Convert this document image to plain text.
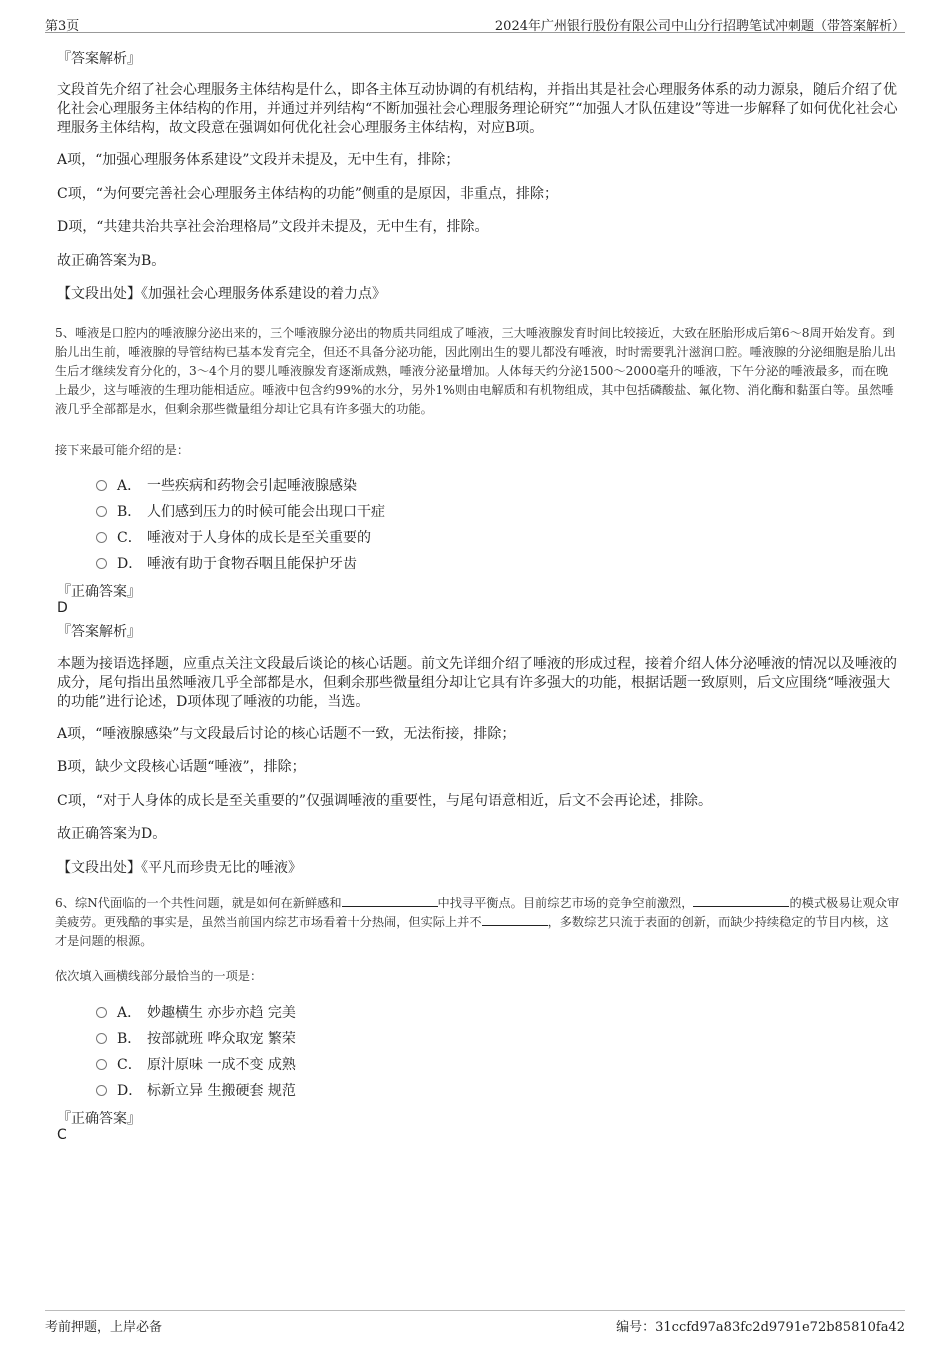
第3页	2024年广州银行股份有限公司中山分行招聘笔试冲刺题（带答案解析）
『答案解析』
文段首先介绍了社会心理服务主体结构是什么，即各主体互动协调的有机结构，并指出其是社会心理服务体系的动力源泉，随后介绍了优化社会心理服务主体结构的作用，并通过并列结构“不断加强社会心理服务理论研究”“加强人才队伍建设”等进一步解释了如何优化社会心理服务主体结构，故文段意在强调如何优化社会心理服务主体结构，对应B项。
A项，“加强心理服务体系建设”文段并未提及，无中生有，排除；
C项，“为何要完善社会心理服务主体结构的功能”侧重的是原因，非重点，排除；
D项，“共建共治共享社会治理格局”文段并未提及，无中生有，排除。
故正确答案为B。
【文段出处】《加强社会心理服务体系建设的着力点》
5、唾液是口腔内的唾液腺分泌出来的，三个唾液腺分泌出的物质共同组成了唾液，三大唾液腺发育时间比较接近，大致在胚胎形成后第6～8周开始发育。到胎儿出生前，唾液腺的导管结构已基本发育完全，但还不具备分泌功能，因此刚出生的婴儿都没有唾液，时时需要乳汁滋润口腔。唾液腺的分泌细胞是胎儿出生后才继续发育分化的，3～4个月的婴儿唾液腺发育逐渐成熟，唾液分泌量增加。人体每天约分泌1500～2000毫升的唾液，下午分泌的唾液最多，而在晚上最少，这与唾液的生理功能相适应。唾液中包含约99%的水分，另外1%则由电解质和有机物组成，其中包括磷酸盐、氟化物、消化酶和黏蛋白等。虽然唾液几乎全部都是水，但剩余那些微量组分却让它具有许多强大的功能。
接下来最可能介绍的是：
A． 一些疾病和药物会引起唾液腺感染
B． 人们感到压力的时候可能会出现口干症
C． 唾液对于人身体的成长是至关重要的
D． 唾液有助于食物吞咽且能保护牙齿
『正确答案』
D
『答案解析』
本题为接语选择题，应重点关注文段最后谈论的核心话题。前文先详细介绍了唾液的形成过程，接着介绍人体分泌唾液的情况以及唾液的成分，尾句指出虽然唾液几乎全部都是水，但剩余那些微量组分却让它具有许多强大的功能，根据话题一致原则，后文应围绕“唾液强大的功能”进行论述，D项体现了唾液的功能，当选。
A项，“唾液腺感染”与文段最后讨论的核心话题不一致，无法衔接，排除；
B项，缺少文段核心话题“唾液”，排除；
C项，“对于人身体的成长是至关重要的”仅强调唾液的重要性，与尾句语意相近，后文不会再论述，排除。
故正确答案为D。
【文段出处】《平凡而珍贵无比的唾液》
6、综N代面临的一个共性问题，就是如何在新鲜感和	中找寻平衡点。目前综艺市场的竞争空前激烈，	的模式极易让观众审美疲劳。更残酷的事实是，虽然当前国内综艺市场看着十分热闹，但实际上并不	，多数综艺只流于表面的创新，而缺少持续稳定的节目内核，这才是问题的根源。
依次填入画横线部分最恰当的一项是：
A． 妙趣横生 亦步亦趋 完美
B． 按部就班 哗众取宠 繁荣
C． 原汁原味 一成不变 成熟
D． 标新立异 生搬硬套 规范
『正确答案』
C
考前押题，上岸必备	编号：31ccfd97a83fc2d9791e72b85810fa42
